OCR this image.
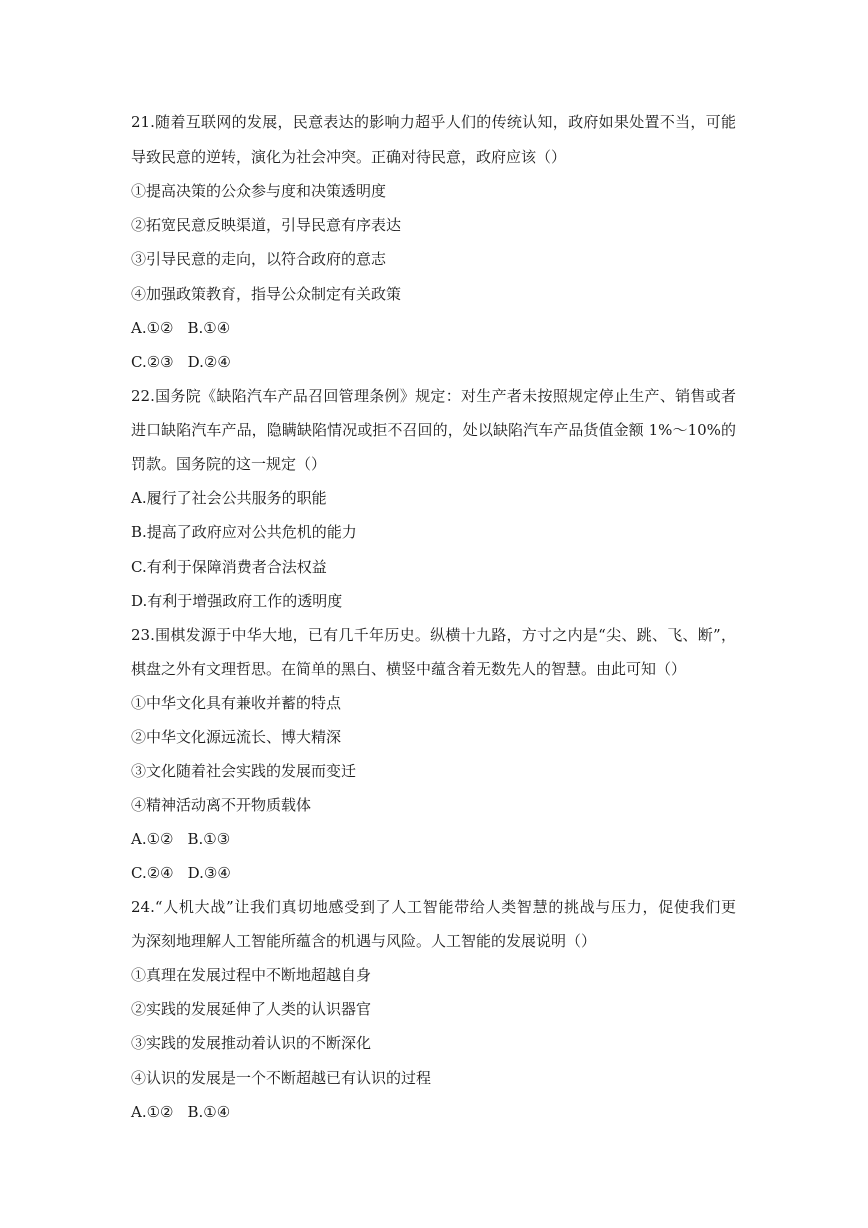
21.随着互联网的发展，民意表达的影响力超乎人们的传统认知，政府如果处置不当，可能

导致民意的逆转，演化为社会冲突。正确对待民意，政府应该（）

①提高决策的公众参与度和决策透明度

②拓宽民意反映渠道，引导民意有序表达

③引导民意的走向，以符合政府的意志

④加强政策教育，指导公众制定有关政策

A.①② B.①④

C.②③ D.②④

22.国务院《缺陷汽车产品召回管理条例》规定：对生产者未按照规定停止生产、销售或者

进口缺陷汽车产品，隐瞒缺陷情况或拒不召回的，处以缺陷汽车产品货值金额 1%～10%的

罚款。国务院的这一规定（）

A.履行了社会公共服务的职能

B.提高了政府应对公共危机的能力

C.有利于保障消费者合法权益

D.有利于增强政府工作的透明度

23.围棋发源于中华大地，已有几千年历史。纵横十九路，方寸之内是“尖、跳、飞、断”，

棋盘之外有文理哲思。在简单的黑白、横竖中蕴含着无数先人的智慧。由此可知（）

①中华文化具有兼收并蓄的特点

②中华文化源远流长、博大精深

③文化随着社会实践的发展而变迁

④精神活动离不开物质载体

A.①② B.①③

C.②④ D.③④

24.“人机大战”让我们真切地感受到了人工智能带给人类智慧的挑战与压力，促使我们更

为深刻地理解人工智能所蕴含的机遇与风险。人工智能的发展说明（）

①真理在发展过程中不断地超越自身

②实践的发展延伸了人类的认识器官

③实践的发展推动着认识的不断深化

④认识的发展是一个不断超越已有认识的过程

A.①② B.①④
